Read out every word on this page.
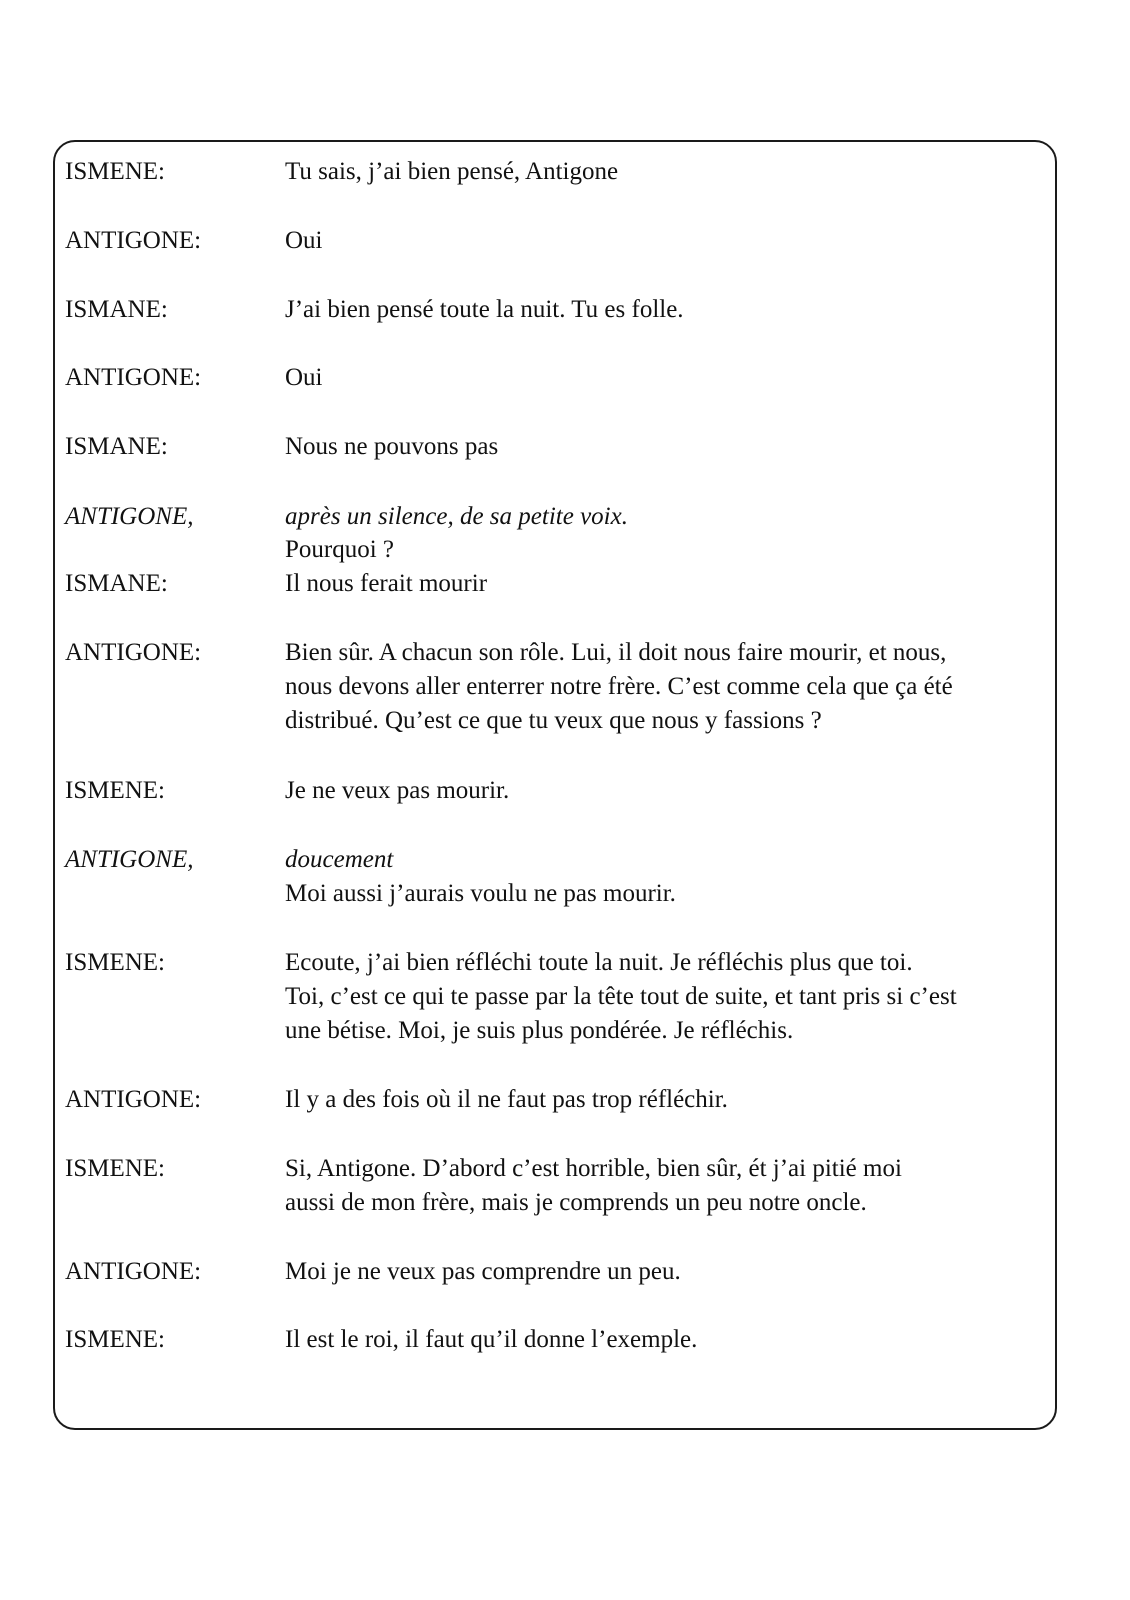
ISMENE:	Tu sais, j’ai bien pensé, Antigone
ANTIGONE:	Oui
ISMANE:	J’ai bien pensé toute la nuit. Tu es folle.
ANTIGONE:	Oui
ISMANE:	Nous ne pouvons pas
ANTIGONE,	après un silence, de sa petite voix.
Pourquoi ?
ISMANE:	Il nous ferait mourir
ANTIGONE:	Bien sûr. A chacun son rôle. Lui, il doit nous faire mourir, et nous,
nous devons aller enterrer notre frère. C’est comme cela que ça été
distribué. Qu’est ce que tu veux que nous y fassions ?
ISMENE:	Je ne veux pas mourir.
ANTIGONE,	doucement
Moi aussi j’aurais voulu ne pas mourir.
ISMENE:	Ecoute, j’ai bien réfléchi toute la nuit. Je réfléchis plus que toi.
Toi, c’est ce qui te passe par la tête tout de suite, et tant pris si c’est
une bétise. Moi, je suis plus pondérée. Je réfléchis.
ANTIGONE:	Il y a des fois où il ne faut pas trop réfléchir.
ISMENE:	Si, Antigone. D’abord c’est horrible, bien sûr, ét j’ai pitié moi
aussi de mon frère, mais je comprends un peu notre oncle.
ANTIGONE:	Moi je ne veux pas comprendre un peu.
ISMENE:	Il est le roi, il faut qu’il donne l’exemple.
